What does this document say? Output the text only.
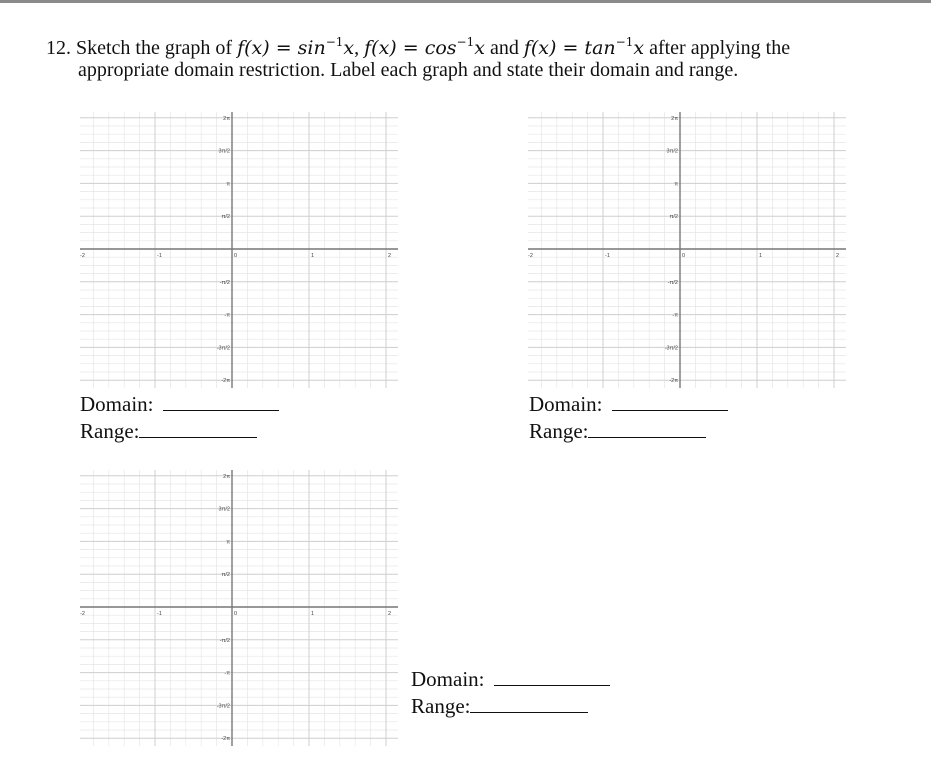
12. Sketch the graph of $f(x) = \sin^{-1}x$, $f(x) = \cos^{-1}x$ and $f(x) = \tan^{-1}x$ after applying the
appropriate domain restriction. Label each graph and state their domain and range.
-2	-1	0	1	2
2π
3π/2
π
π/2
-π/2
-π
-3π/2
-2π
-2	-1	0	1	2
2π
3π/2
π
π/2
-π/2
-π
-3π/2
-2π
-2	-1	0	1	2
2π
3π/2
π
π/2
-π/2
-π
-3π/2
-2π
Domain:
Range:
Domain:
Range:
Domain:
Range:
